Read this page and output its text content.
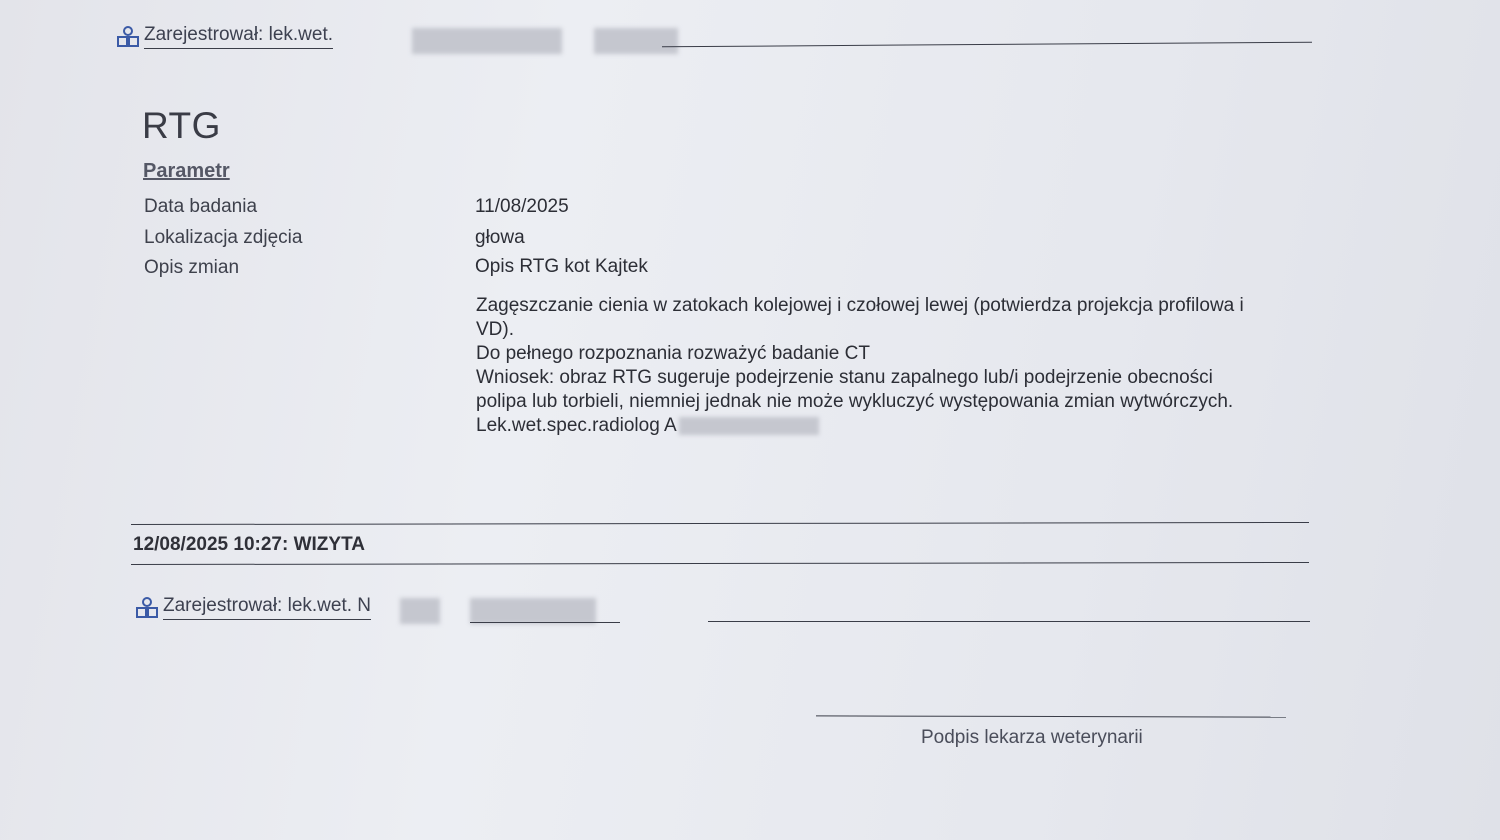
Zarejestrował: lek.wet.
RTG
Parametr
Data badania	11/08/2025
Lokalizacja zdjęcia	głowa
Opis zmian	Opis RTG kot Kajtek

Zagęszczanie cienia w zatokach kolejowej i czołowej lewej (potwierdza projekcja profilowa i VD).

Do pełnego rozpoznania rozważyć badanie CT

Wniosek: obraz RTG sugeruje podejrzenie stanu zapalnego lub/i podejrzenie obecności polipa lub torbieli, niemniej jednak nie może wykluczyć występowania zmian wytwórczych.

Lek.wet.spec.radiolog A

12/08/2025 10:27: WIZYTA
Zarejestrował: lek.wet. N
Podpis lekarza weterynarii
